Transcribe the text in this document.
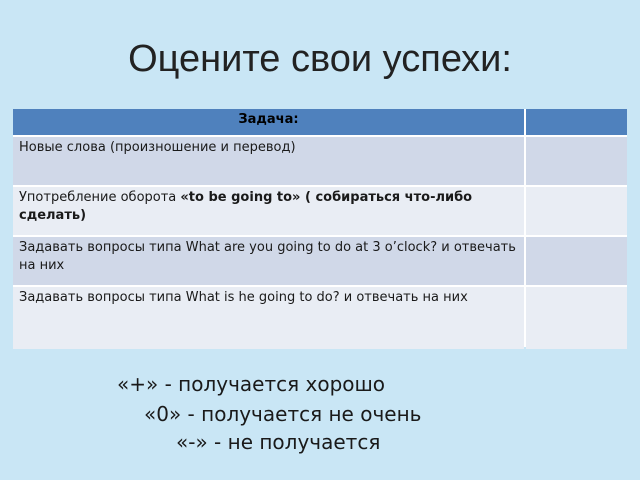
Оцените свои успехи:
Задача:
Новые слова (произношение и перевод)
Употребление оборота «to be going to» ( собираться что-либо сделать)
Задавать вопросы типа What are you going to do at 3 o’clock? и отвечать на них
Задавать вопросы типа What is he going to do? и отвечать на них
«+» - получается хорошо
«0» - получается не очень
«-» - не получается
